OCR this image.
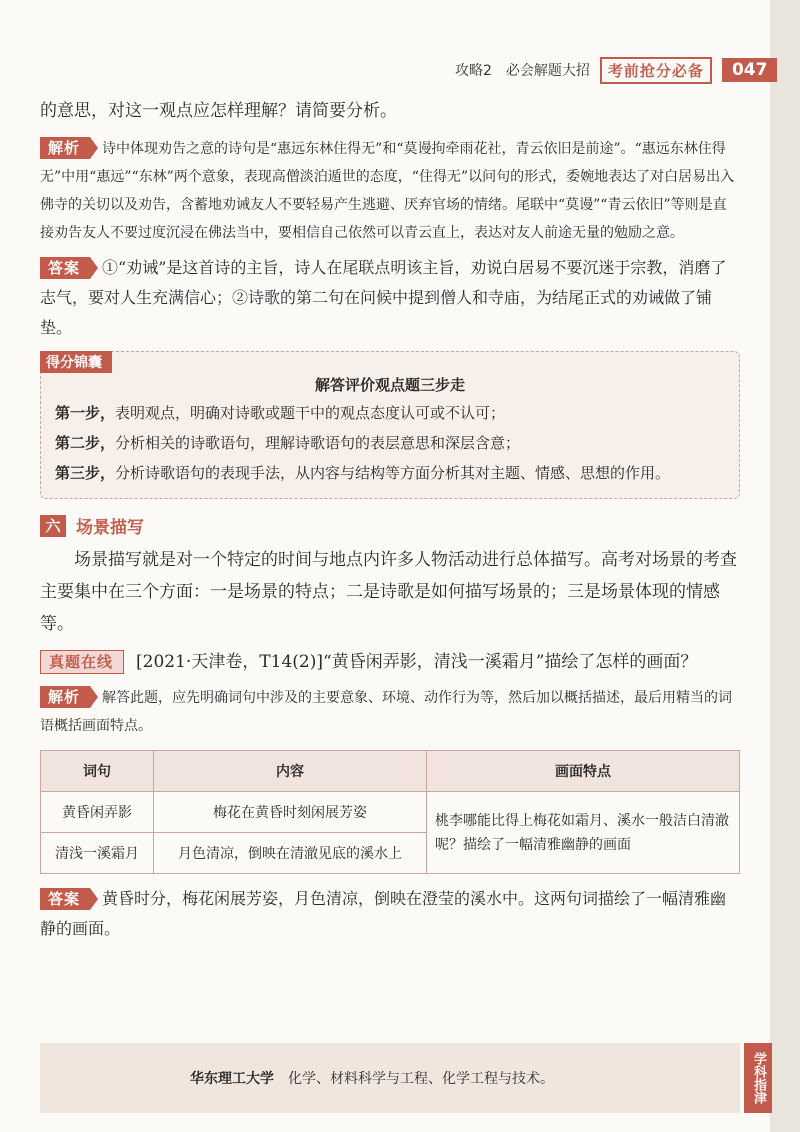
攻略2　必会解题大招	考前抢分必备	047

的意思，对这一观点应怎样理解？请简要分析。

解析 诗中体现劝告之意的诗句是“惠远东林住得无”和“莫谩拘牵雨花社，青云依旧是前途”。“惠远东林住得无”中用“惠远”“东林”两个意象，表现高僧淡泊遁世的态度，“住得无”以问句的形式，委婉地表达了对白居易出入佛寺的关切以及劝告，含蓄地劝诫友人不要轻易产生逃避、厌弃官场的情绪。尾联中“莫谩”“青云依旧”等则是直接劝告友人不要过度沉浸在佛法当中，要相信自己依然可以青云直上，表达对友人前途无量的勉励之意。

答案 ①“劝诫”是这首诗的主旨，诗人在尾联点明该主旨，劝说白居易不要沉迷于宗教，消磨了志气，要对人生充满信心；②诗歌的第二句在问候中提到僧人和寺庙，为结尾正式的劝诫做了铺垫。

得分锦囊
解答评价观点题三步走

第一步，表明观点，明确对诗歌或题干中的观点态度认可或不认可；

第二步，分析相关的诗歌语句，理解诗歌语句的表层意思和深层含意；

第三步，分析诗歌语句的表现手法，从内容与结构等方面分析其对主题、情感、思想的作用。

六 场景描写

场景描写就是对一个特定的时间与地点内许多人物活动进行总体描写。高考对场景的考查主要集中在三个方面：一是场景的特点；二是诗歌是如何描写场景的；三是场景体现的情感等。

真题在线 [2021·天津卷，T14(2)]“黄昏闲弄影，清浅一溪霜月”描绘了怎样的画面？

解析 解答此题，应先明确词句中涉及的主要意象、环境、动作行为等，然后加以概括描述，最后用精当的词语概括画面特点。

词句	内容	画面特点
黄昏闲弄影	梅花在黄昏时刻闲展芳姿	桃李哪能比得上梅花如霜月、溪水一般洁白清澈呢？描绘了一幅清雅幽静的画面
清浅一溪霜月	月色清凉，倒映在清澈见底的溪水上	

答案 黄昏时分，梅花闲展芳姿，月色清凉，倒映在澄莹的溪水中。这两句词描绘了一幅清雅幽静的画面。

华东理工大学 化学、材料科学与工程、化学工程与技术。	学科指津
